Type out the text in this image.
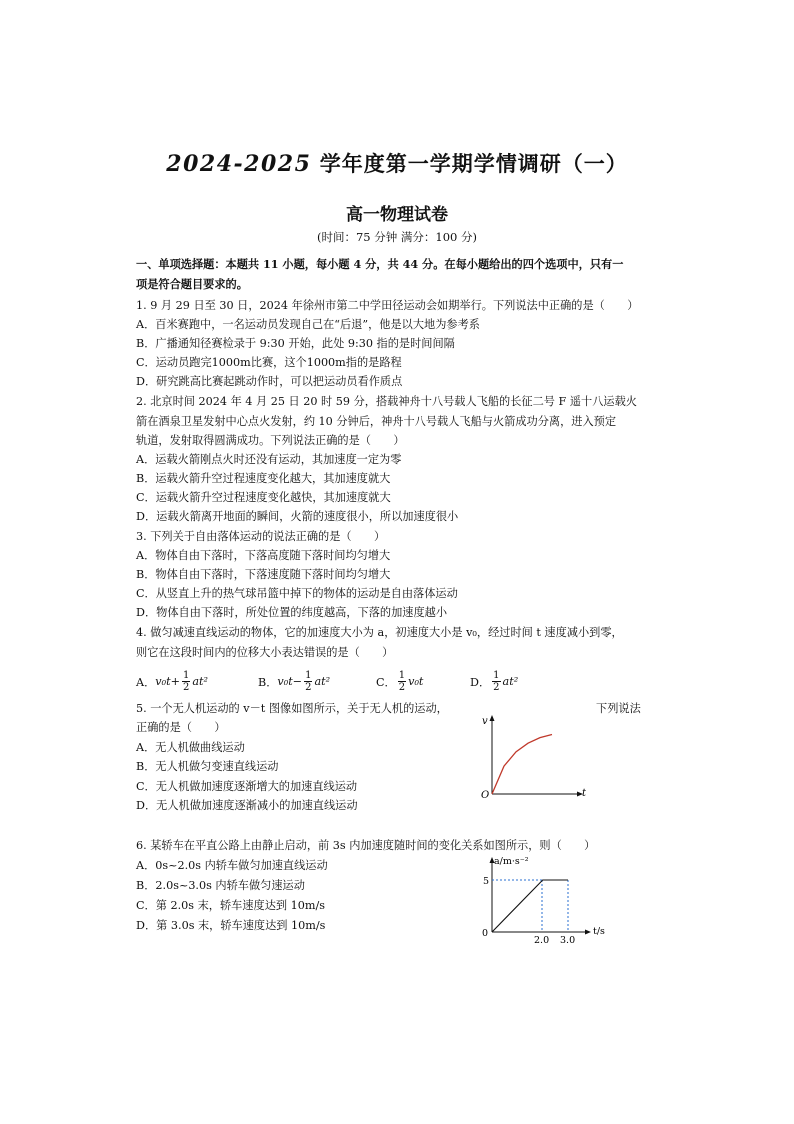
2024-2025 学年度第一学期学情调研（一）
高一物理试卷
(时间：75 分钟 满分：100 分)
一、单项选择题：本题共 11 小题，每小题 4 分，共 44 分。在每小题给出的四个选项中，只有一
项是符合题目要求的。
1. 9 月 29 日至 30 日，2024 年徐州市第二中学田径运动会如期举行。下列说法中正确的是（　　）
A．百米赛跑中，一名运动员发现自己在“后退”，他是以大地为参考系
B．广播通知径赛检录于 9:30 开始，此处 9:30 指的是时间间隔
C．运动员跑完1000m比赛，这个1000m指的是路程
D．研究跳高比赛起跳动作时，可以把运动员看作质点
2. 北京时间 2024 年 4 月 25 日 20 时 59 分，搭载神舟十八号载人飞船的长征二号 F 遥十八运载火
箭在酒泉卫星发射中心点火发射，约 10 分钟后，神舟十八号载人飞船与火箭成功分离，进入预定
轨道，发射取得圆满成功。下列说法正确的是（　　）
A．运载火箭刚点火时还没有运动，其加速度一定为零
B．运载火箭升空过程速度变化越大，其加速度就大
C．运载火箭升空过程速度变化越快，其加速度就大
D．运载火箭离开地面的瞬间，火箭的速度很小，所以加速度很小
3. 下列关于自由落体运动的说法正确的是（　　）
A．物体自由下落时，下落高度随下落时间均匀增大
B．物体自由下落时，下落速度随下落时间均匀增大
C．从竖直上升的热气球吊篮中掉下的物体的运动是自由落体运动
D．物体自由下落时，所处位置的纬度越高，下落的加速度越小
4. 做匀减速直线运动的物体，它的加速度大小为 a，初速度大小是 v₀，经过时间 t 速度减小到零，
则它在这段时间内的位移大小表达错误的是（　　）
A． $v_0t + \frac{1}{2} at^2$	B． $v_0t - \frac{1}{2} at^2$	C． $\frac{1}{2} v_0t$	D． $\frac{1}{2} at^2$
5. 一个无人机运动的 v－t 图像如图所示，关于无人机的运动，	下列说法
正确的是（　　）
A．无人机做曲线运动
B．无人机做匀变速直线运动
C．无人机做加速度逐渐增大的加速直线运动
D．无人机做加速度逐渐减小的加速直线运动
v
t
O
6. 某轿车在平直公路上由静止启动，前 3s 内加速度随时间的变化关系如图所示，则（　　）
A．0s~2.0s 内轿车做匀加速直线运动
B．2.0s~3.0s 内轿车做匀速运动
C．第 2.0s 末，轿车速度达到 10m/s
D．第 3.0s 末，轿车速度达到 10m/s
a/m·s⁻²
t/s
5
0
2.0 3.0
